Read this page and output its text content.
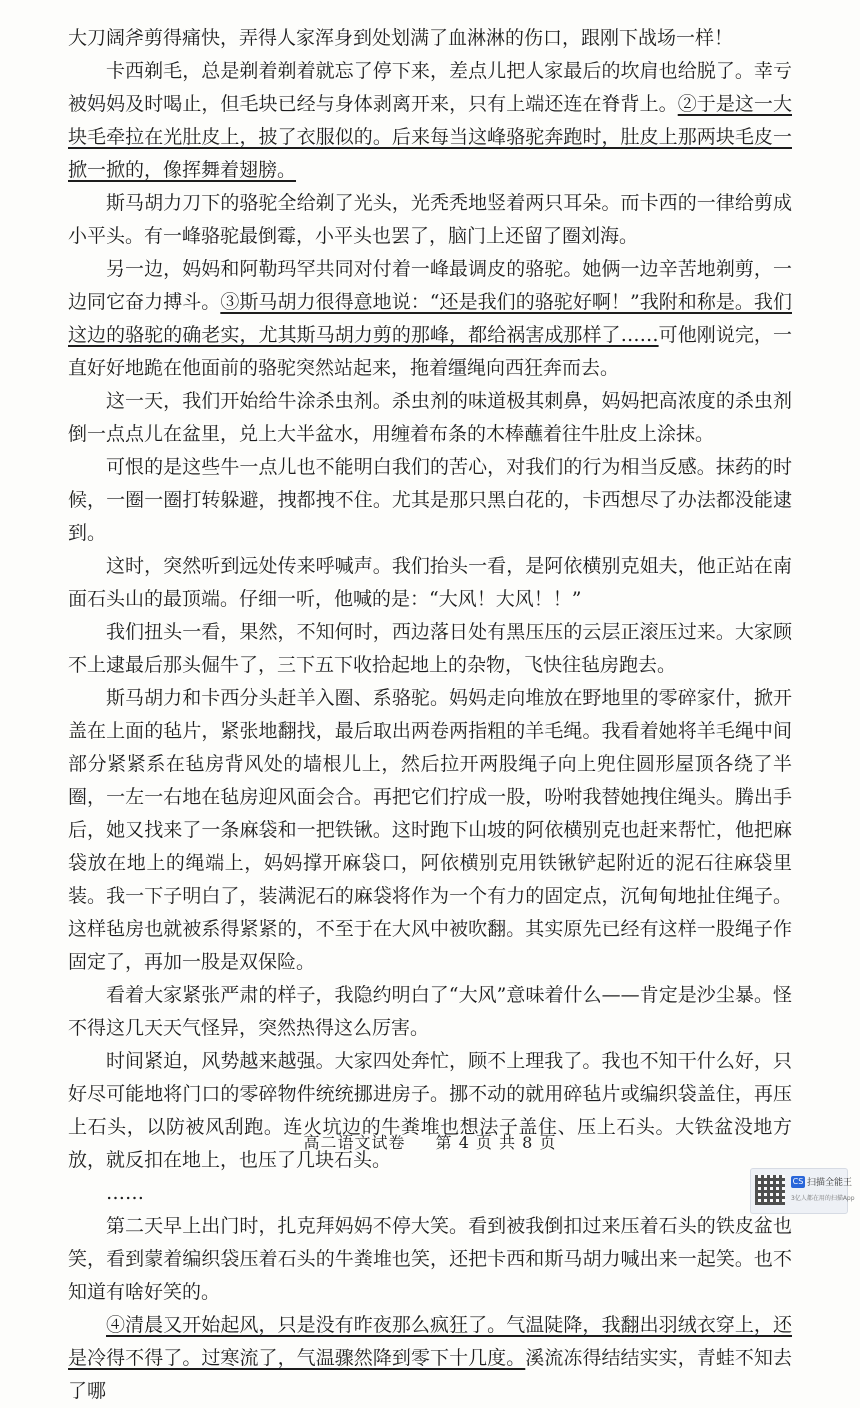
大刀阔斧剪得痛快，弄得人家浑身到处划满了血淋淋的伤口，跟刚下战场一样！

卡西剃毛，总是剃着剃着就忘了停下来，差点儿把人家最后的坎肩也给脱了。幸亏被妈妈及时喝止，但毛块已经与身体剥离开来，只有上端还连在脊背上。②于是这一大块毛牵拉在光肚皮上，披了衣服似的。后来每当这峰骆驼奔跑时，肚皮上那两块毛皮一掀一掀的，像挥舞着翅膀。

斯马胡力刀下的骆驼全给剃了光头，光秃秃地竖着两只耳朵。而卡西的一律给剪成小平头。有一峰骆驼最倒霉，小平头也罢了，脑门上还留了圈刘海。

另一边，妈妈和阿勒玛罕共同对付着一峰最调皮的骆驼。她俩一边辛苦地剃剪，一边同它奋力搏斗。③斯马胡力很得意地说：“还是我们的骆驼好啊！”我附和称是。我们这边的骆驼的确老实，尤其斯马胡力剪的那峰，都给祸害成那样了……可他刚说完，一直好好地跪在他面前的骆驼突然站起来，拖着缰绳向西狂奔而去。

这一天，我们开始给牛涂杀虫剂。杀虫剂的味道极其刺鼻，妈妈把高浓度的杀虫剂倒一点点儿在盆里，兑上大半盆水，用缠着布条的木棒蘸着往牛肚皮上涂抹。

可恨的是这些牛一点儿也不能明白我们的苦心，对我们的行为相当反感。抹药的时候，一圈一圈打转躲避，拽都拽不住。尤其是那只黑白花的，卡西想尽了办法都没能逮到。

这时，突然听到远处传来呼喊声。我们抬头一看，是阿依横别克姐夫，他正站在南面石头山的最顶端。仔细一听，他喊的是：“大风！大风！！”

我们扭头一看，果然，不知何时，西边落日处有黑压压的云层正滚压过来。大家顾不上逮最后那头倔牛了，三下五下收拾起地上的杂物，飞快往毡房跑去。

斯马胡力和卡西分头赶羊入圈、系骆驼。妈妈走向堆放在野地里的零碎家什，掀开盖在上面的毡片，紧张地翻找，最后取出两卷两指粗的羊毛绳。我看着她将羊毛绳中间部分紧紧系在毡房背风处的墙根儿上，然后拉开两股绳子向上兜住圆形屋顶各绕了半圈，一左一右地在毡房迎风面会合。再把它们拧成一股，吩咐我替她拽住绳头。腾出手后，她又找来了一条麻袋和一把铁锹。这时跑下山坡的阿依横别克也赶来帮忙，他把麻袋放在地上的绳端上，妈妈撑开麻袋口，阿依横别克用铁锹铲起附近的泥石往麻袋里装。我一下子明白了，装满泥石的麻袋将作为一个有力的固定点，沉甸甸地扯住绳子。这样毡房也就被系得紧紧的，不至于在大风中被吹翻。其实原先已经有这样一股绳子作固定了，再加一股是双保险。

看着大家紧张严肃的样子，我隐约明白了“大风”意味着什么——肯定是沙尘暴。怪不得这几天天气怪异，突然热得这么厉害。

时间紧迫，风势越来越强。大家四处奔忙，顾不上理我了。我也不知干什么好，只好尽可能地将门口的零碎物件统统挪进房子。挪不动的就用碎毡片或编织袋盖住，再压上石头，以防被风刮跑。连火坑边的牛粪堆也想法子盖住、压上石头。大铁盆没地方放，就反扣在地上，也压了几块石头。

……

第二天早上出门时，扎克拜妈妈不停大笑。看到被我倒扣过来压着石头的铁皮盆也笑，看到蒙着编织袋压着石头的牛粪堆也笑，还把卡西和斯马胡力喊出来一起笑。也不知道有啥好笑的。

④清晨又开始起风，只是没有昨夜那么疯狂了。气温陡降，我翻出羽绒衣穿上，还是冷得不得了。过寒流了，气温骤然降到零下十几度。溪流冻得结结实实，青蛙不知去了哪

高二语文试卷 第 4 页 共 8 页
CS 扫描全能王
3亿人都在用的扫描App
